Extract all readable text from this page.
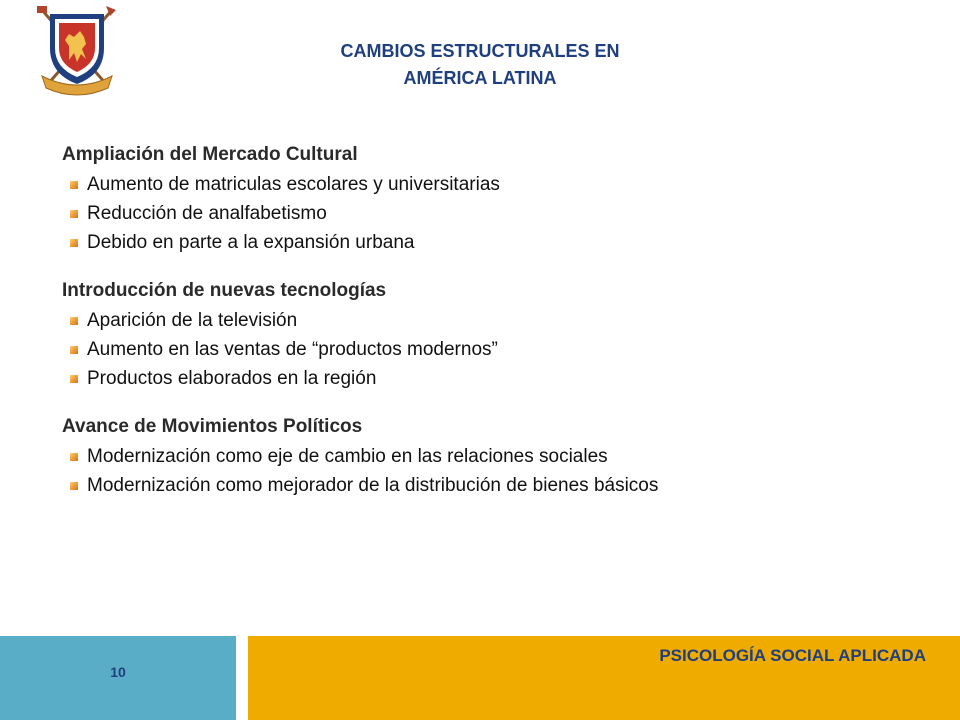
CAMBIOS ESTRUCTURALES EN
AMÉRICA LATINA
Ampliación del Mercado Cultural
Aumento de matriculas escolares y universitarias
Reducción de analfabetismo
Debido en parte a la expansión urbana
Introducción de nuevas tecnologías
Aparición de la televisión
Aumento en las ventas de “productos modernos”
Productos elaborados en la región
Avance de Movimientos Políticos
Modernización como eje de cambio en las relaciones sociales
Modernización como mejorador de la distribución de bienes básicos
10
PSICOLOGÍA SOCIAL APLICADA
